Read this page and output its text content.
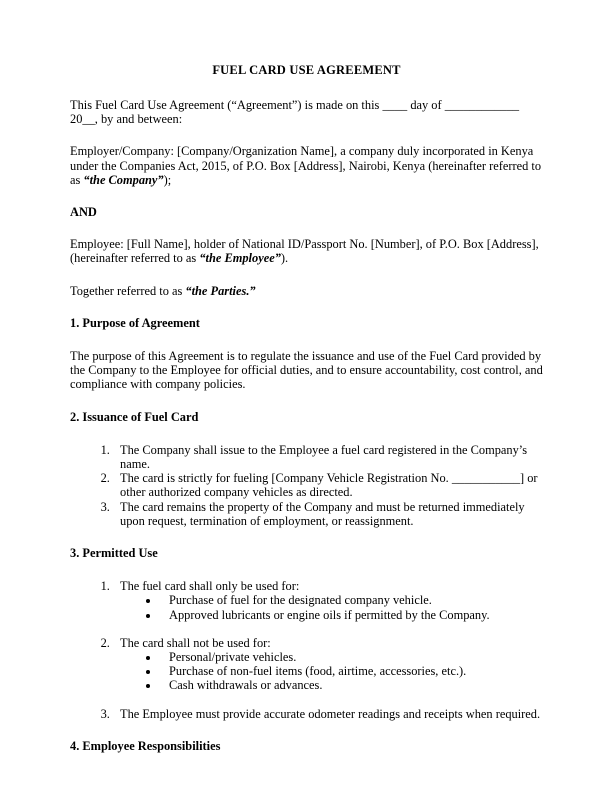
FUEL CARD USE AGREEMENT

This Fuel Card Use Agreement (“Agreement”) is made on this ____ day of ____________ 20__, by and between:

Employer/Company: [Company/Organization Name], a company duly incorporated in Kenya under the Companies Act, 2015, of P.O. Box [Address], Nairobi, Kenya (hereinafter referred to as “the Company”);

AND

Employee: [Full Name], holder of National ID/Passport No. [Number], of P.O. Box [Address], (hereinafter referred to as “the Employee”).

Together referred to as “the Parties.”

1. Purpose of Agreement

The purpose of this Agreement is to regulate the issuance and use of the Fuel Card provided by the Company to the Employee for official duties, and to ensure accountability, cost control, and compliance with company policies.

2. Issuance of Fuel Card
1. The Company shall issue to the Employee a fuel card registered in the Company’s name.
2. The card is strictly for fueling [Company Vehicle Registration No. ___________] or other authorized company vehicles as directed.
3. The card remains the property of the Company and must be returned immediately upon request, termination of employment, or reassignment.
3. Permitted Use
1. The fuel card shall only be used for:
• Purchase of fuel for the designated company vehicle.
• Approved lubricants or engine oils if permitted by the Company.
2. The card shall not be used for:
• Personal/private vehicles.
• Purchase of non-fuel items (food, airtime, accessories, etc.).
• Cash withdrawals or advances.
3. The Employee must provide accurate odometer readings and receipts when required.
4. Employee Responsibilities
